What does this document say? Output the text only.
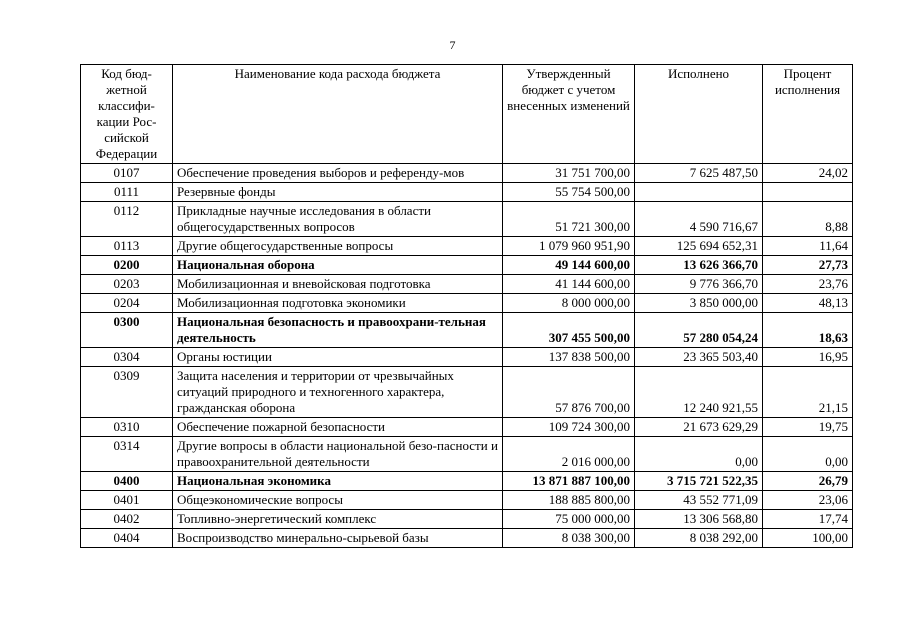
7
Код бюд-жетной классифи-кации Рос-сийской Федерации	Наименование кода расхода бюджета	Утвержденный бюджет с учетом внесенных изменений	Исполнено	Процент исполнения
0107	Обеспечение проведения выборов и референду-мов	31 751 700,00	7 625 487,50	24,02
0111	Резервные фонды	55 754 500,00		
0112	Прикладные научные исследования в области общегосударственных вопросов	51 721 300,00	4 590 716,67	8,88
0113	Другие общегосударственные вопросы	1 079 960 951,90	125 694 652,31	11,64
0200	Национальная оборона	49 144 600,00	13 626 366,70	27,73
0203	Мобилизационная и вневойсковая подготовка	41 144 600,00	9 776 366,70	23,76
0204	Мобилизационная подготовка экономики	8 000 000,00	3 850 000,00	48,13
0300	Национальная безопасность и правоохрани-тельная деятельность	307 455 500,00	57 280 054,24	18,63
0304	Органы юстиции	137 838 500,00	23 365 503,40	16,95
0309	Защита населения и территории от чрезвычайных ситуаций природного и техногенного характера, гражданская оборона	57 876 700,00	12 240 921,55	21,15
0310	Обеспечение пожарной безопасности	109 724 300,00	21 673 629,29	19,75
0314	Другие вопросы в области национальной безо-пасности и правоохранительной деятельности	2 016 000,00	0,00	0,00
0400	Национальная экономика	13 871 887 100,00	3 715 721 522,35	26,79
0401	Общеэкономические вопросы	188 885 800,00	43 552 771,09	23,06
0402	Топливно-энергетический комплекс	75 000 000,00	13 306 568,80	17,74
0404	Воспроизводство минерально-сырьевой базы	8 038 300,00	8 038 292,00	100,00
